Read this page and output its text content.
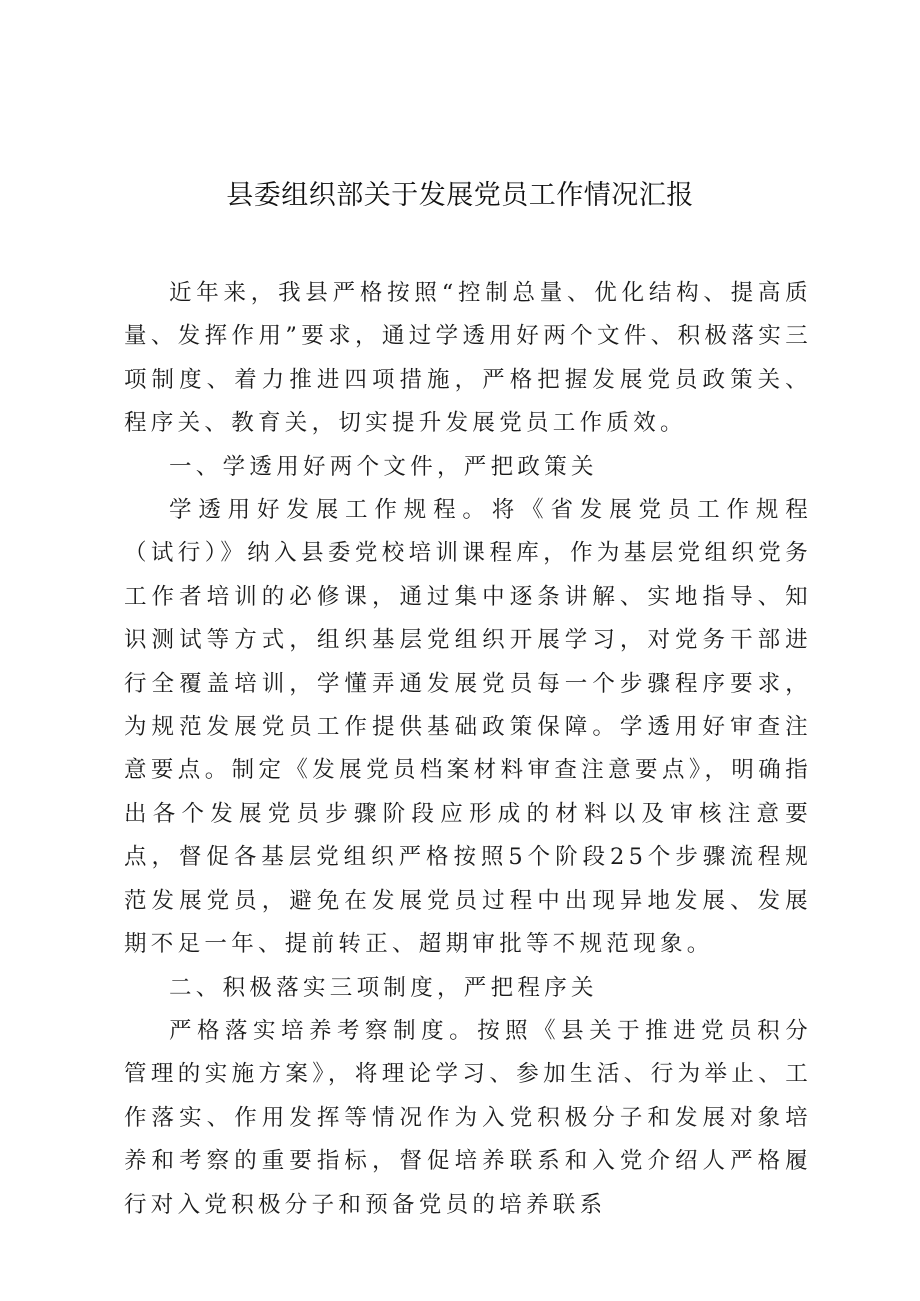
县委组织部关于发展党员工作情况汇报

近年来，我县严格按照“控制总量、优化结构、提高质量、发挥作用”要求，通过学透用好两个文件、积极落实三项制度、着力推进四项措施，严格把握发展党员政策关、程序关、教育关，切实提升发展党员工作质效。

一、学透用好两个文件，严把政策关

学透用好发展工作规程。将《省发展党员工作规程（试行）》纳入县委党校培训课程库，作为基层党组织党务工作者培训的必修课，通过集中逐条讲解、实地指导、知识测试等方式，组织基层党组织开展学习，对党务干部进行全覆盖培训，学懂弄通发展党员每一个步骤程序要求，为规范发展党员工作提供基础政策保障。学透用好审查注意要点。制定《发展党员档案材料审查注意要点》，明确指出各个发展党员步骤阶段应形成的材料以及审核注意要点，督促各基层党组织严格按照5个阶段25个步骤流程规范发展党员，避免在发展党员过程中出现异地发展、发展期不足一年、提前转正、超期审批等不规范现象。

二、积极落实三项制度，严把程序关

严格落实培养考察制度。按照《县关于推进党员积分管理的实施方案》，将理论学习、参加生活、行为举止、工作落实、作用发挥等情况作为入党积极分子和发展对象培养和考察的重要指标，督促培养联系和入党介绍人严格履行对入党积极分子和预备党员的培养联系
